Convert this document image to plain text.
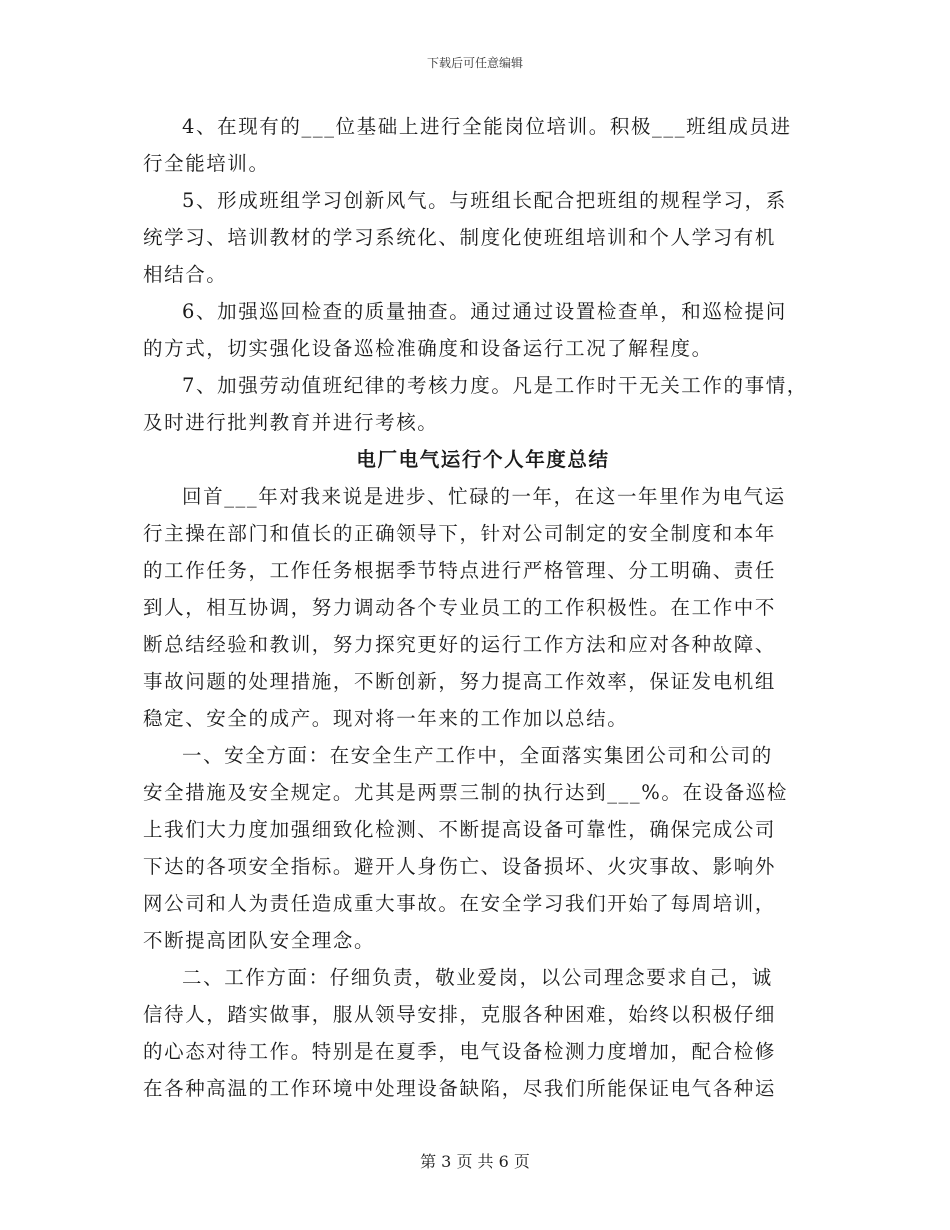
下载后可任意编辑

4、在现有的___位基础上进行全能岗位培训。积极___班组成员进
行全能培训。

5、形成班组学习创新风气。与班组长配合把班组的规程学习，系
统学习、培训教材的学习系统化、制度化使班组培训和个人学习有机
相结合。

6、加强巡回检查的质量抽查。通过通过设置检查单，和巡检提问
的方式，切实强化设备巡检准确度和设备运行工况了解程度。

7、加强劳动值班纪律的考核力度。凡是工作时干无关工作的事情，
及时进行批判教育并进行考核。

电厂电气运行个人年度总结

回首___年对我来说是进步、忙碌的一年，在这一年里作为电气运
行主操在部门和值长的正确领导下，针对公司制定的安全制度和本年
的工作任务，工作任务根据季节特点进行严格管理、分工明确、责任
到人，相互协调，努力调动各个专业员工的工作积极性。在工作中不
断总结经验和教训，努力探究更好的运行工作方法和应对各种故障、
事故问题的处理措施，不断创新，努力提高工作效率，保证发电机组
稳定、安全的成产。现对将一年来的工作加以总结。

一、安全方面：在安全生产工作中，全面落实集团公司和公司的
安全措施及安全规定。尤其是两票三制的执行达到___%。在设备巡检
上我们大力度加强细致化检测、不断提高设备可靠性，确保完成公司
下达的各项安全指标。避开人身伤亡、设备损坏、火灾事故、影响外
网公司和人为责任造成重大事故。在安全学习我们开始了每周培训，
不断提高团队安全理念。

二、工作方面：仔细负责，敬业爱岗，以公司理念要求自己，诚
信待人，踏实做事，服从领导安排，克服各种困难，始终以积极仔细
的心态对待工作。特别是在夏季，电气设备检测力度增加，配合检修
在各种高温的工作环境中处理设备缺陷，尽我们所能保证电气各种运

第 3 页 共 6 页
